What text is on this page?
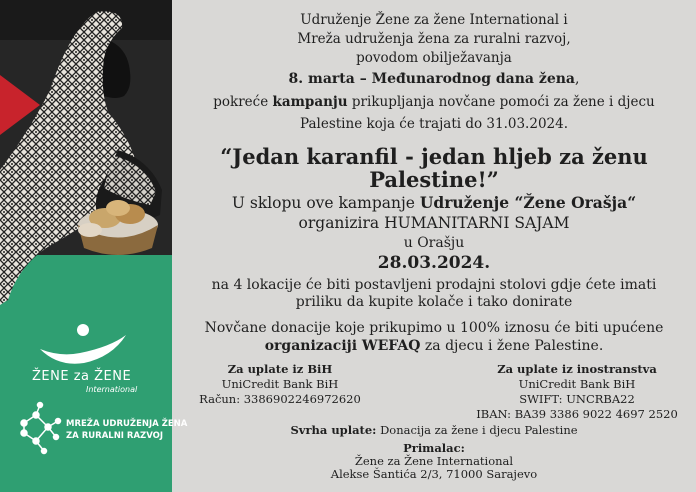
ŽENE za ŽENE
International
MREŽA UDRUŽENJA ŽENA
ZA RURALNI RAZVOJ
Udruženje Žene za žene International i
Mreža udruženja žena za ruralni razvoj,
povodom obilježavanja
8. marta – Međunarodnog dana žena,
pokreće kampanju prikupljanja novčane pomoći za žene i djecu
Palestine koja će trajati do 31.03.2024.
“Jedan karanfil - jedan hljeb za ženu
Palestine!”
U sklopu ove kampanje Udruženje “Žene Orašja“
organizira HUMANITARNI SAJAM
u Orašju
28.03.2024.
na 4 lokacije će biti postavljeni prodajni stolovi gdje ćete imati
priliku da kupite kolače i tako donirate
Novčane donacije koje prikupimo u 100% iznosu će biti upućene
organizaciji WEFAQ za djecu i žene Palestine.
Za uplate iz BiH
UniCredit Bank BiH
Račun: 3386902246972620
Za uplate iz inostranstva
UniCredit Bank BiH
SWIFT: UNCRBA22
IBAN: BA39 3386 9022 4697 2520
Svrha uplate: Donacija za žene i djecu Palestine
Primalac:
Žene za Žene International
Alekse Šantića 2/3, 71000 Sarajevo
